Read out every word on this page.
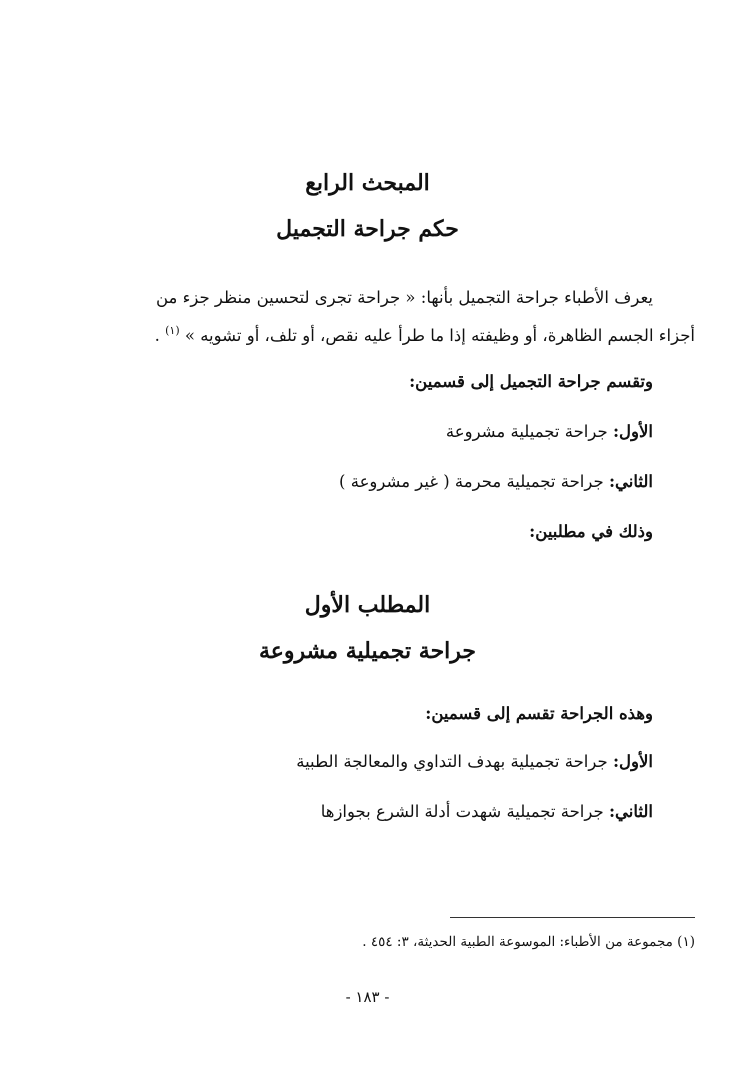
المبحث الرابع
حكم جراحة التجميل
يعرف الأطباء جراحة التجميل بأنها: « جراحة تجرى لتحسين منظر جزء من
أجزاء الجسم الظاهرة، أو وظيفته إذا ما طرأ عليه نقص، أو تلف، أو تشويه » $^{(١)}$ .
وتقسم جراحة التجميل إلى قسمين:
الأول: جراحة تجميلية مشروعة
الثاني: جراحة تجميلية محرمة ( غير مشروعة )
وذلك في مطلبين:
المطلب الأول
جراحة تجميلية مشروعة
وهذه الجراحة تقسم إلى قسمين:
الأول: جراحة تجميلية بهدف التداوي والمعالجة الطبية
الثاني: جراحة تجميلية شهدت أدلة الشرع بجوازها
(١) مجموعة من الأطباء: الموسوعة الطبية الحديثة، ٣: ٤٥٤ .
- ١٨٣ -
